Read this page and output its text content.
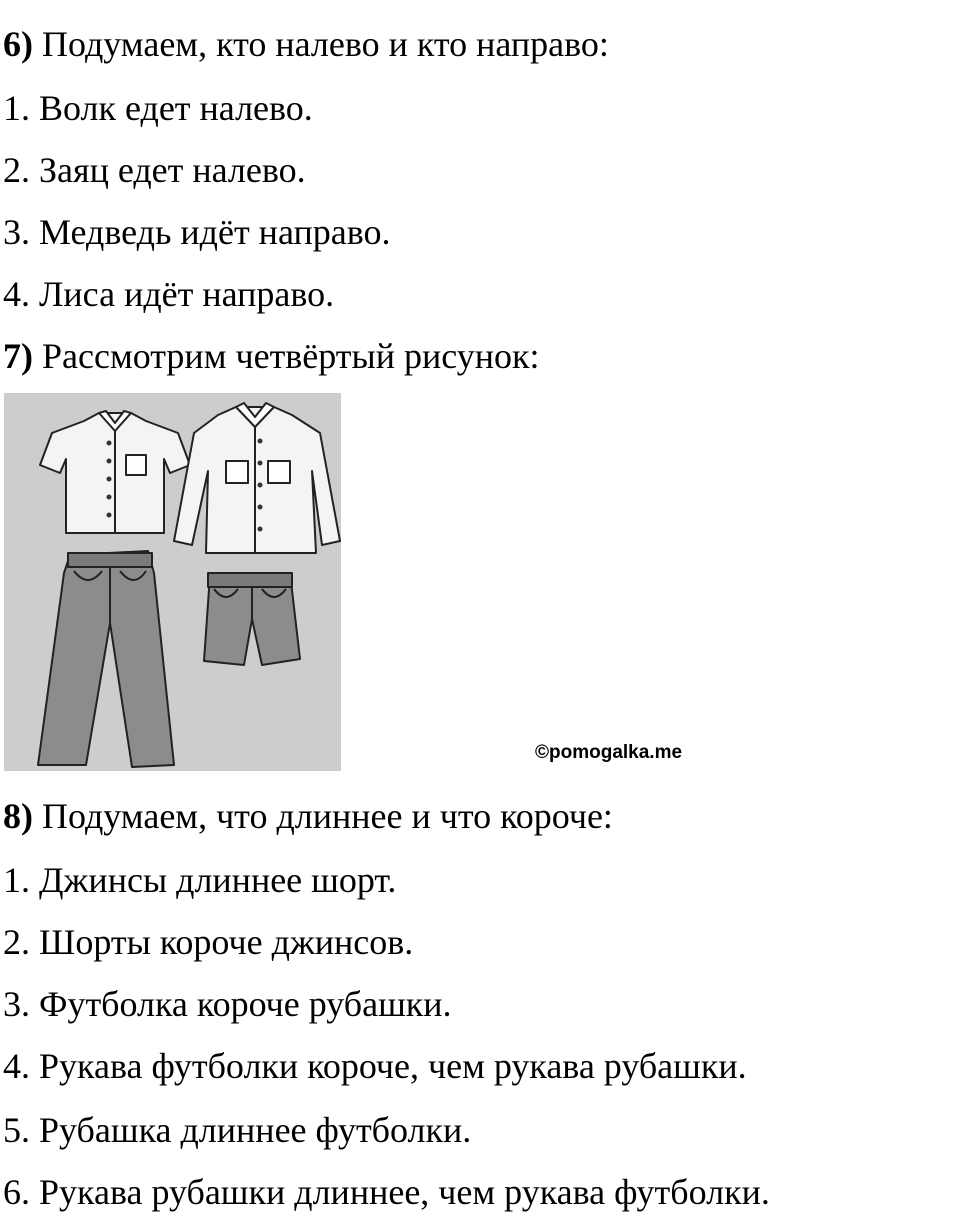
6) Подумаем, кто налево и кто направо:

1. Волк едет налево.

2. Заяц едет налево.

3. Медведь идёт направо.

4. Лиса идёт направо.

7) Рассмотрим четвёртый рисунок:

©pomogalka.me

8) Подумаем, что длиннее и что короче:

1. Джинсы длиннее шорт.

2. Шорты короче джинсов.

3. Футболка короче рубашки.

4. Рукава футболки короче, чем рукава рубашки.

5. Рубашка длиннее футболки.

6. Рукава рубашки длиннее, чем рукава футболки.
